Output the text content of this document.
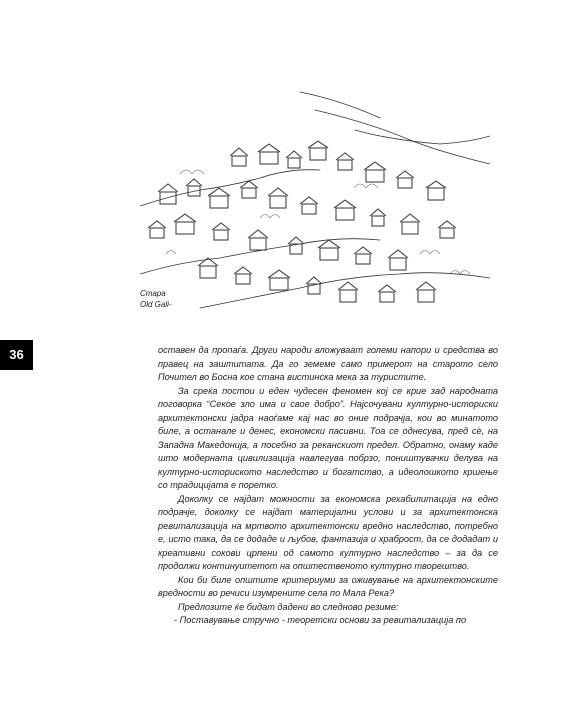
Стара
Old Gali-
36	оставен да пропаѓа. Други народи вложуваат големи напори и средства во правец на заштитата. Да го земеме само примерот на старото село Почител во Босна кое стана вистинска мека за туристите.

За среќа постои и еден чудесен феномен кој се крие зад народната поговорка “Секое зло има и свое добро”. Најсочувани културно-историски архитектонски јадра наоѓаме кај нас во оние подрачја, кои во минатото биле, а останале и денес, економски пасивни. Тоа се однесува, пред сè, на Западна Македонија, а посебно за реканскиот предел. Обратно, онаму каде што модерната цивилизација навлегува побрзо, поништувачки делува на културно-историското наследство и богатство, а идеолошкото кршење со традицијата е поретко.

Доколку се најдат можности за економска рехабилитација на едно подрачје, доколку се најдат материјални услови и за архитектонска ревитализација на мртвото архитектонски вредно наследство, потребно е, исто така, да се додаде и љубов, фантазија и храброст, да се додадат и креативни сокови црпени од самото културно наследство – за да се продолжи континуитетот на општественото културно творештво.

Кои би биле општите критериуми за оживување на архитектонските вредности во речиси изумрените села по Мала Река?

Предлозите ќе бидат дадени во следново резиме:

- Поставување стручно - теоретски основи за ревитализација по
